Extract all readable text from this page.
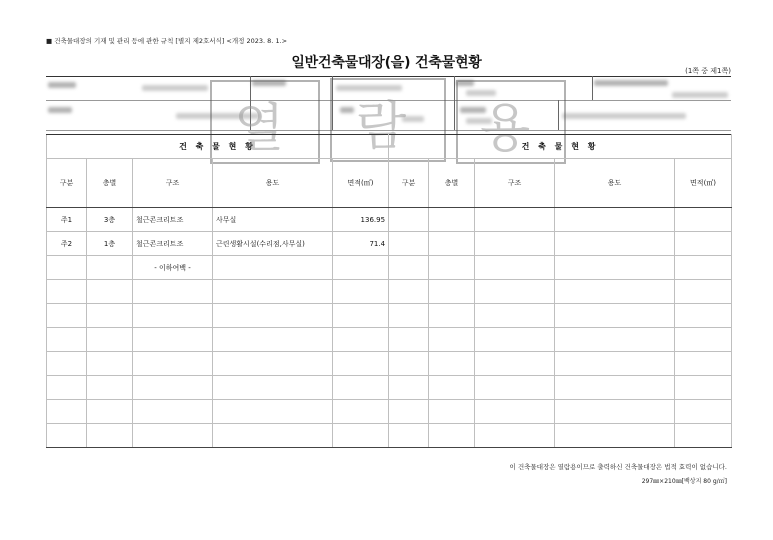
■ 건축물대장의 기재 및 관리 등에 관한 규칙 [별지 제2호서식] <개정 2023. 8. 1.>
일반건축물대장(을) 건축물현황	(1쪽 중 제1쪽)
열 람 용
건 축 물 현 황					건 축 물 현 황				
구분	층별	구조	용도	면적(㎡)	구분	층별	구조	용도	면적(㎡)
주1	3층	철근콘크리트조	사무실	136.95					
주2	1층	철근콘크리트조	근린생활시설(수리점,사무실)	71.4					
		- 이하여백 -							

이 건축물대장은 열람용이므로 출력하신 건축물대장은 법적 효력이 없습니다.
297㎜×210㎜[백상지 80 g/㎡]
